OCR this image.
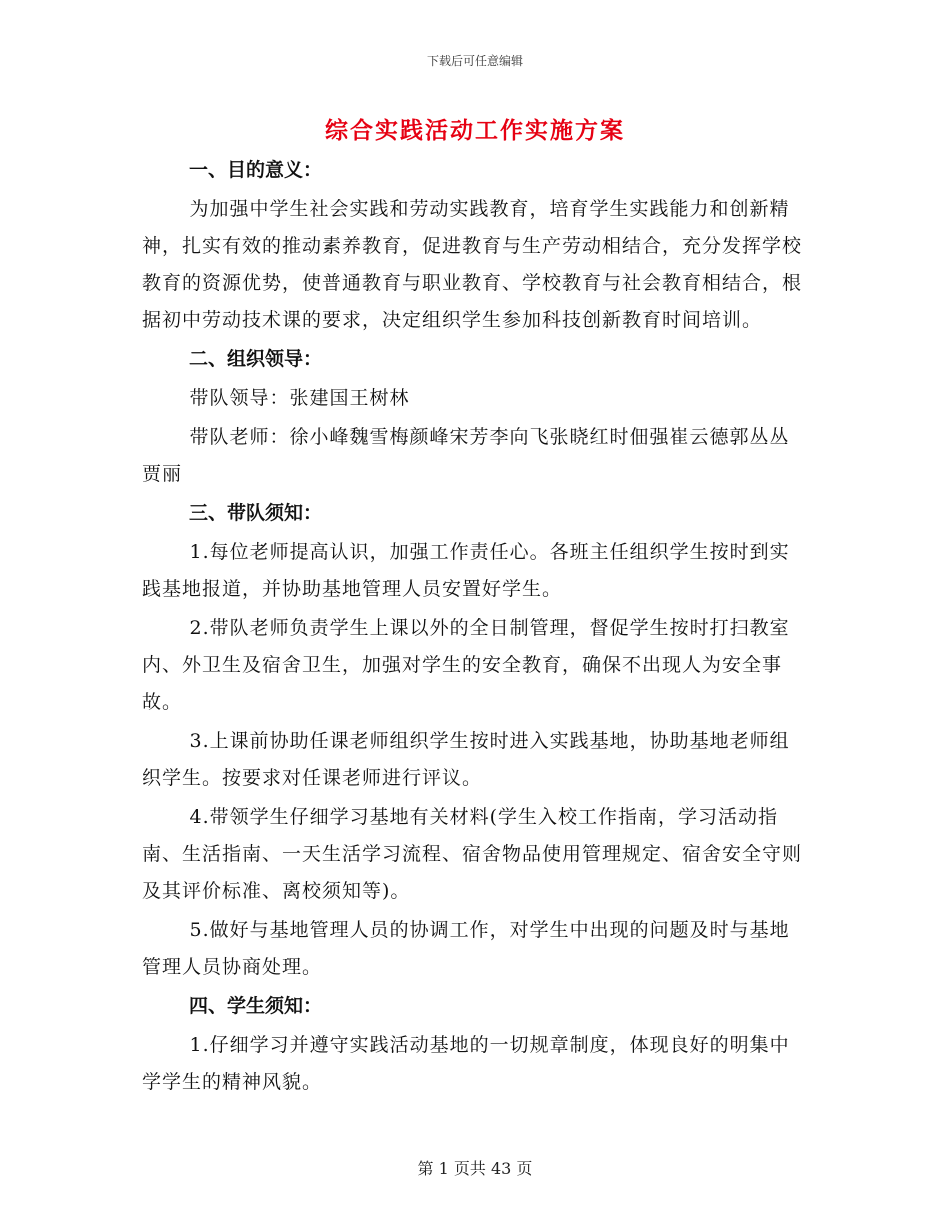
下载后可任意编辑
综合实践活动工作实施方案
一、目的意义：

为加强中学生社会实践和劳动实践教育，培育学生实践能力和创新精神，扎实有效的推动素养教育，促进教育与生产劳动相结合，充分发挥学校教育的资源优势，使普通教育与职业教育、学校教育与社会教育相结合，根据初中劳动技术课的要求，决定组织学生参加科技创新教育时间培训。

二、组织领导：

带队领导：张建国王树林

带队老师：徐小峰魏雪梅颜峰宋芳李向飞张晓红时佃强崔云德郭丛丛贾丽

三、带队须知：

1.每位老师提高认识，加强工作责任心。各班主任组织学生按时到实践基地报道，并协助基地管理人员安置好学生。

2.带队老师负责学生上课以外的全日制管理，督促学生按时打扫教室内、外卫生及宿舍卫生，加强对学生的安全教育，确保不出现人为安全事故。

3.上课前协助任课老师组织学生按时进入实践基地，协助基地老师组织学生。按要求对任课老师进行评议。

4.带领学生仔细学习基地有关材料(学生入校工作指南，学习活动指南、生活指南、一天生活学习流程、宿舍物品使用管理规定、宿舍安全守则及其评价标准、离校须知等)。

5.做好与基地管理人员的协调工作，对学生中出现的问题及时与基地管理人员协商处理。

四、学生须知：

1.仔细学习并遵守实践活动基地的一切规章制度，体现良好的明集中学学生的精神风貌。

第 1 页共 43 页
